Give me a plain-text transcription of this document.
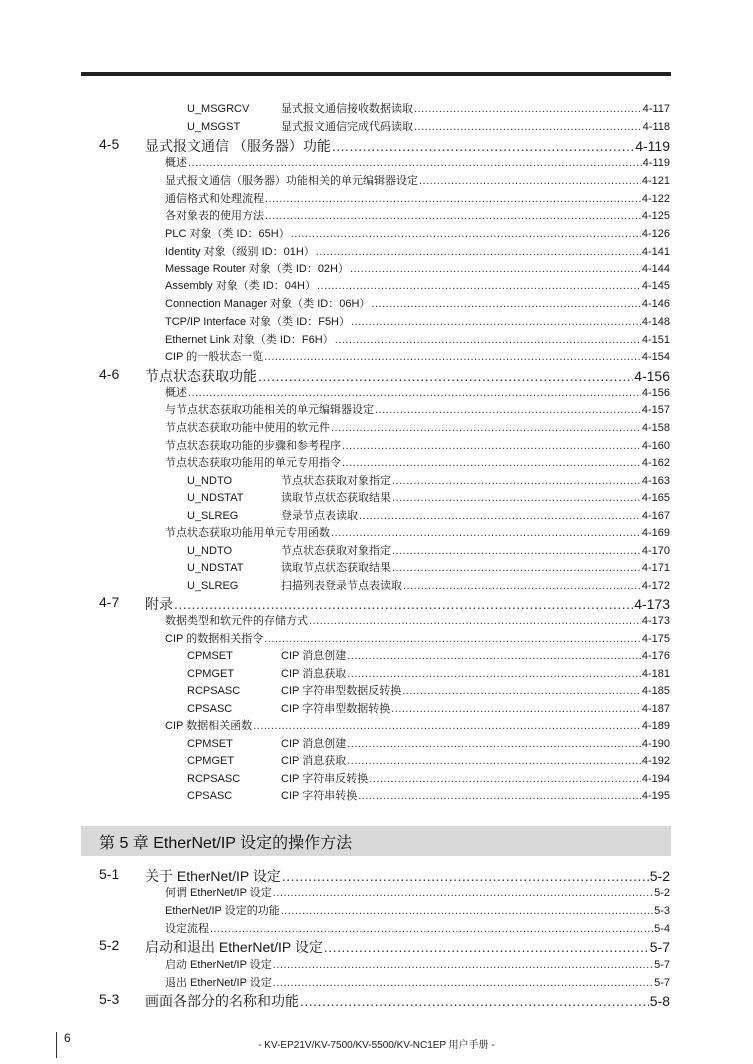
U_MSGRCV	显式报文通信接收数据读取 .....	4-117
U_MSGST	显式报文通信完成代码读取 .....	4-118
4-5 显式报文通信 （服务器）功能 .....	4-119
概述 .....	4-119
显式报文通信（服务器）功能相关的单元编辑器设定 .....	4-121
通信格式和处理流程 .....	4-122
各对象表的使用方法 .....	4-125
PLC 对象（类 ID：65H） .....	4-126
Identity 对象（级别 ID：01H） .....	4-141
Message Router 对象（类 ID：02H） .....	4-144
Assembly 对象（类 ID：04H） .....	4-145
Connection Manager 对象（类 ID：06H） .....	4-146
TCP/IP Interface 对象（类 ID：F5H） .....	4-148
Ethernet Link 对象（类 ID：F6H） .....	4-151
CIP 的一般状态一览 .....	4-154
4-6 节点状态获取功能 .....	4-156
概述 .....	4-156
与节点状态获取功能相关的单元编辑器设定 .....	4-157
节点状态获取功能中使用的软元件 .....	4-158
节点状态获取功能的步骤和参考程序 .....	4-160
节点状态获取功能用的单元专用指令 .....	4-162
U_NDTO	节点状态获取对象指定 .....	4-163
U_NDSTAT	读取节点状态获取结果 .....	4-165
U_SLREG	登录节点表读取 .....	4-167
节点状态获取功能用单元专用函数 .....	4-169
U_NDTO	节点状态获取对象指定 .....	4-170
U_NDSTAT	读取节点状态获取结果 .....	4-171
U_SLREG	扫描列表登录节点表读取 .....	4-172
4-7 附录 .....	4-173
数据类型和软元件的存储方式 .....	4-173
CIP 的数据相关指令 .....	4-175
CPMSET	CIP 消息创建 .....	4-176
CPMGET	CIP 消息获取 .....	4-181
RCPSASC	CIP 字符串型数据反转换 .....	4-185
CPSASC	CIP 字符串型数据转换 .....	4-187
CIP 数据相关函数 .....	4-189
CPMSET	CIP 消息创建 .....	4-190
CPMGET	CIP 消息获取 .....	4-192
RCPSASC	CIP 字符串反转换 .....	4-194
CPSASC	CIP 字符串转换 .....	4-195
第 5 章 EtherNet/IP 设定的操作方法
5-1 关于 EtherNet/IP 设定 .....	5-2
何谓 EtherNet/IP 设定 .....	5-2
EtherNet/IP 设定的功能 .....	5-3
设定流程 .....	5-4
5-2 启动和退出 EtherNet/IP 设定 .....	5-7
启动 EtherNet/IP 设定 .....	5-7
退出 EtherNet/IP 设定 .....	5-7
5-3 画面各部分的名称和功能 .....	5-8
6
- KV-EP21V/KV-7500/KV-5500/KV-NC1EP 用户手册 -
